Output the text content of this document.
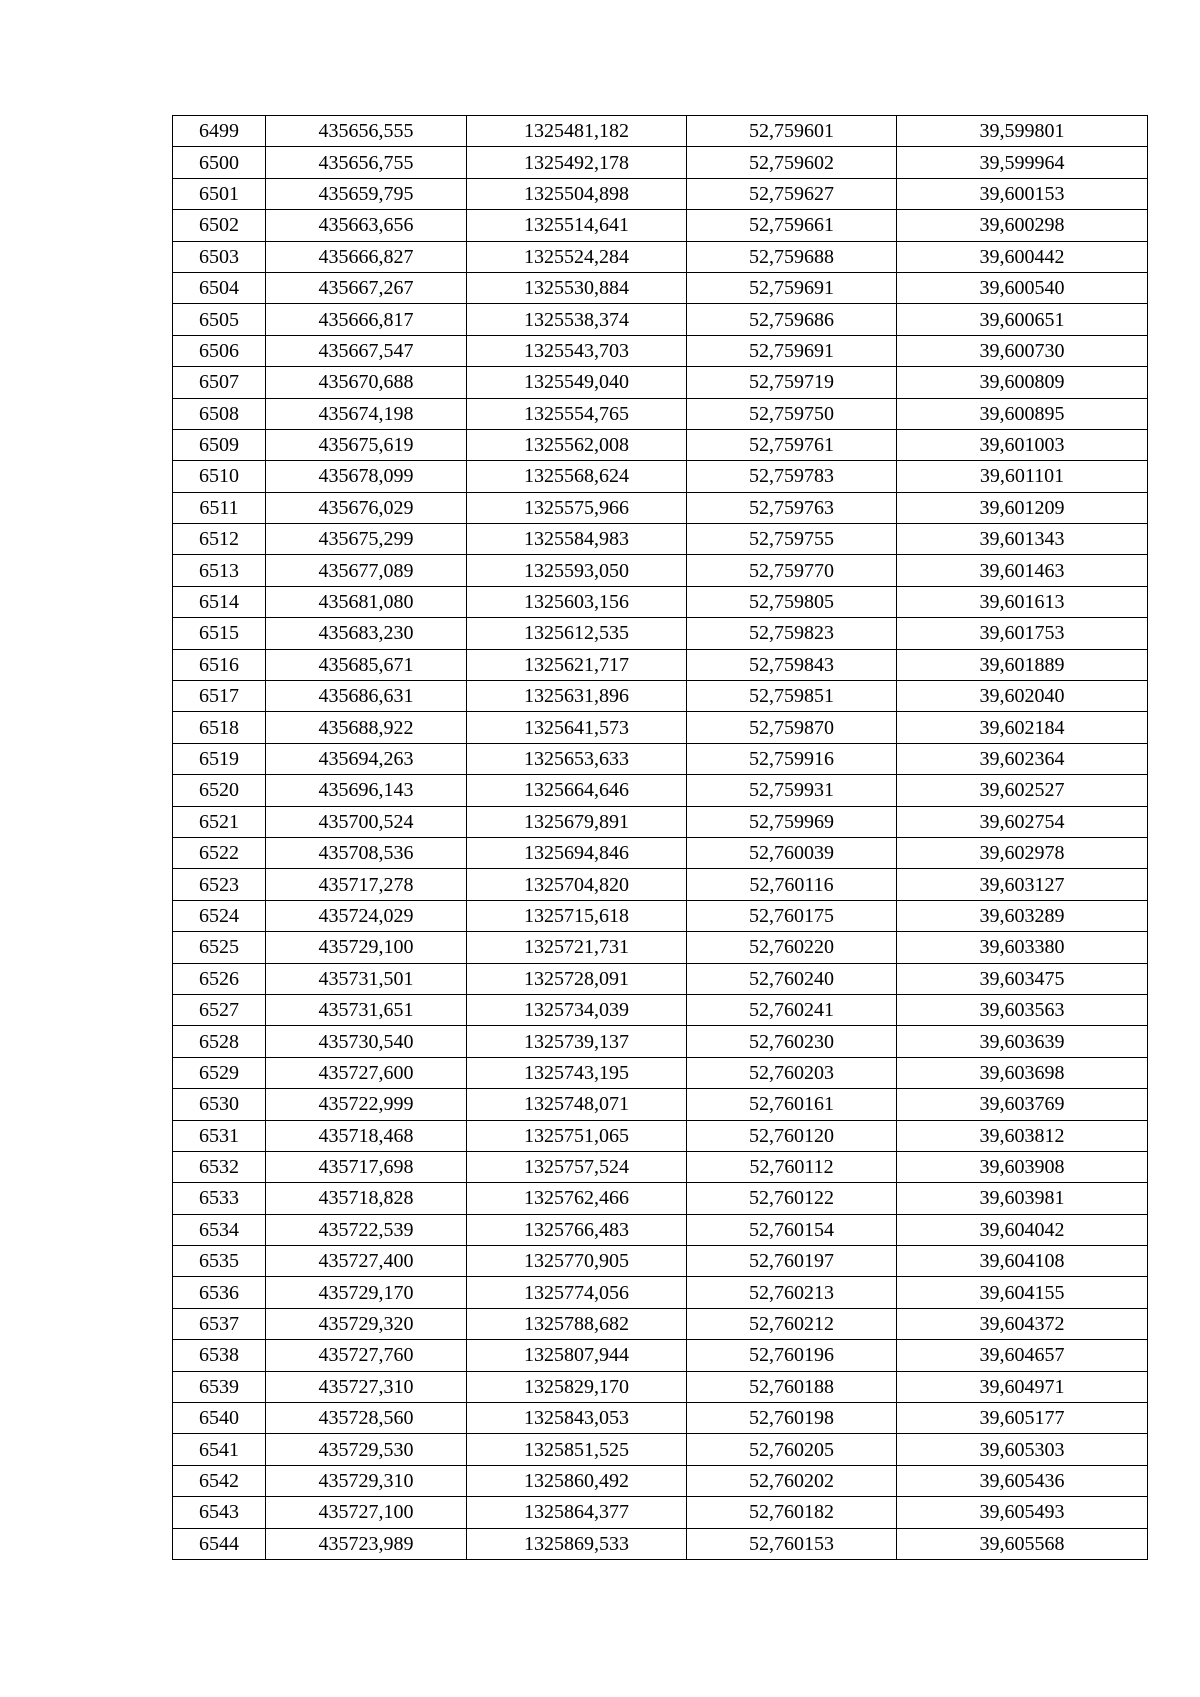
6499	435656,555	1325481,182	52,759601	39,599801
6500	435656,755	1325492,178	52,759602	39,599964
6501	435659,795	1325504,898	52,759627	39,600153
6502	435663,656	1325514,641	52,759661	39,600298
6503	435666,827	1325524,284	52,759688	39,600442
6504	435667,267	1325530,884	52,759691	39,600540
6505	435666,817	1325538,374	52,759686	39,600651
6506	435667,547	1325543,703	52,759691	39,600730
6507	435670,688	1325549,040	52,759719	39,600809
6508	435674,198	1325554,765	52,759750	39,600895
6509	435675,619	1325562,008	52,759761	39,601003
6510	435678,099	1325568,624	52,759783	39,601101
6511	435676,029	1325575,966	52,759763	39,601209
6512	435675,299	1325584,983	52,759755	39,601343
6513	435677,089	1325593,050	52,759770	39,601463
6514	435681,080	1325603,156	52,759805	39,601613
6515	435683,230	1325612,535	52,759823	39,601753
6516	435685,671	1325621,717	52,759843	39,601889
6517	435686,631	1325631,896	52,759851	39,602040
6518	435688,922	1325641,573	52,759870	39,602184
6519	435694,263	1325653,633	52,759916	39,602364
6520	435696,143	1325664,646	52,759931	39,602527
6521	435700,524	1325679,891	52,759969	39,602754
6522	435708,536	1325694,846	52,760039	39,602978
6523	435717,278	1325704,820	52,760116	39,603127
6524	435724,029	1325715,618	52,760175	39,603289
6525	435729,100	1325721,731	52,760220	39,603380
6526	435731,501	1325728,091	52,760240	39,603475
6527	435731,651	1325734,039	52,760241	39,603563
6528	435730,540	1325739,137	52,760230	39,603639
6529	435727,600	1325743,195	52,760203	39,603698
6530	435722,999	1325748,071	52,760161	39,603769
6531	435718,468	1325751,065	52,760120	39,603812
6532	435717,698	1325757,524	52,760112	39,603908
6533	435718,828	1325762,466	52,760122	39,603981
6534	435722,539	1325766,483	52,760154	39,604042
6535	435727,400	1325770,905	52,760197	39,604108
6536	435729,170	1325774,056	52,760213	39,604155
6537	435729,320	1325788,682	52,760212	39,604372
6538	435727,760	1325807,944	52,760196	39,604657
6539	435727,310	1325829,170	52,760188	39,604971
6540	435728,560	1325843,053	52,760198	39,605177
6541	435729,530	1325851,525	52,760205	39,605303
6542	435729,310	1325860,492	52,760202	39,605436
6543	435727,100	1325864,377	52,760182	39,605493
6544	435723,989	1325869,533	52,760153	39,605568
